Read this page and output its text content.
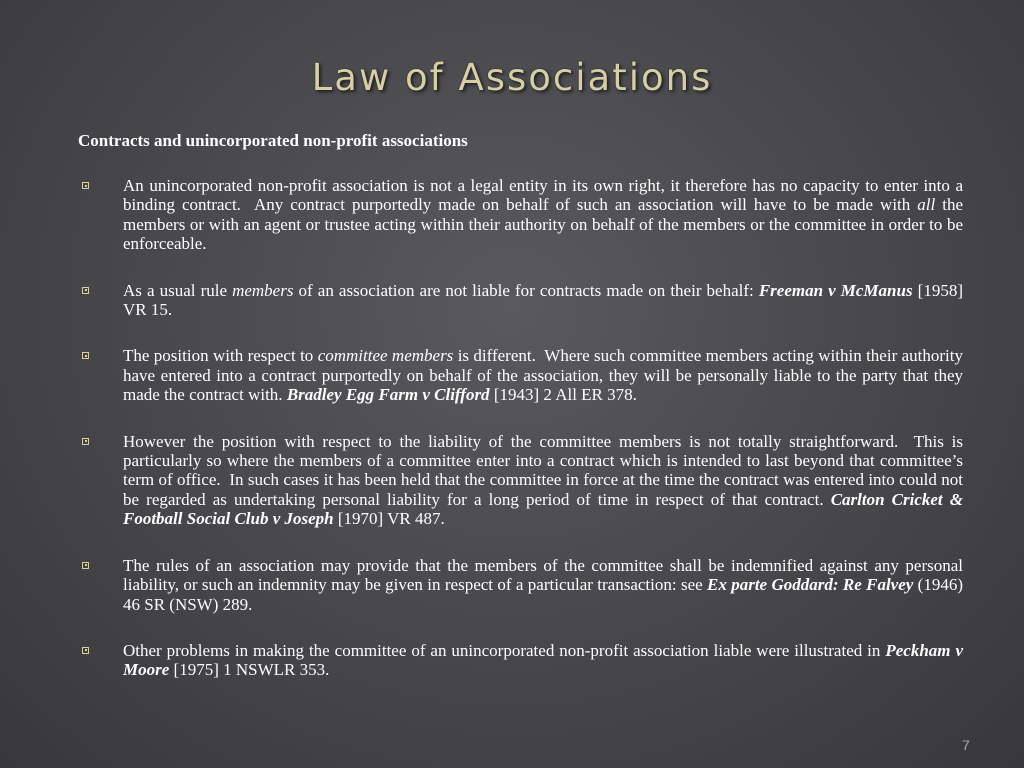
Law of Associations
Contracts and unincorporated non-profit associations
An unincorporated non-profit association is not a legal entity in its own right, it therefore has no capacity to enter into a binding contract.  Any contract purportedly made on behalf of such an association will have to be made with all the members or with an agent or trustee acting within their authority on behalf of the members or the committee in order to be enforceable.
As a usual rule members of an association are not liable for contracts made on their behalf: Freeman v McManus [1958] VR 15.
The position with respect to committee members is different.  Where such committee members acting within their authority have entered into a contract purportedly on behalf of the association, they will be personally liable to the party that they made the contract with. Bradley Egg Farm v Clifford [1943] 2 All ER 378.
However the position with respect to the liability of the committee members is not totally straightforward.  This is particularly so where the members of a committee enter into a contract which is intended to last beyond that committee’s term of office.  In such cases it has been held that the committee in force at the time the contract was entered into could not be regarded as undertaking personal liability for a long period of time in respect of that contract. Carlton Cricket & Football Social Club v Joseph [1970] VR 487.
The rules of an association may provide that the members of the committee shall be indemnified against any personal liability, or such an indemnity may be given in respect of a particular transaction: see Ex parte Goddard: Re Falvey (1946) 46 SR (NSW) 289.
Other problems in making the committee of an unincorporated non-profit association liable were illustrated in Peckham v Moore [1975] 1 NSWLR 353.
7
